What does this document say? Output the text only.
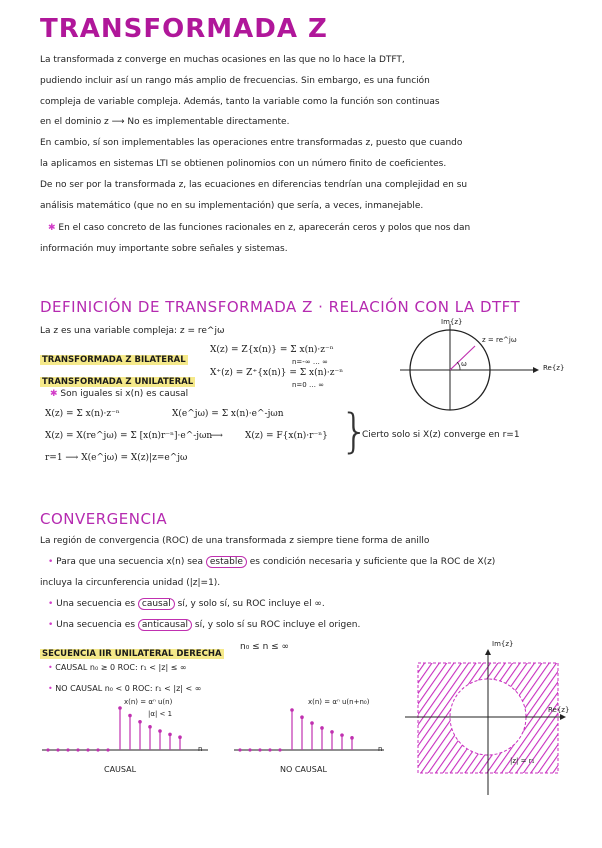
TRANSFORMADA Z
La transformada z converge en muchas ocasiones en las que no lo hace la DTFT,
pudiendo incluir así un rango más amplio de frecuencias. Sin embargo, es una función
compleja de variable compleja. Además, tanto la variable como la función son continuas
en el dominio z ⟶ No es implementable directamente.
En cambio, sí son implementables las operaciones entre transformadas z, puesto que cuando
la aplicamos en sistemas LTI se obtienen polinomios con un número finito de coeficientes.
De no ser por la transformada z, las ecuaciones en diferencias tendrían una complejidad en su
análisis matemático (que no en su implementación) que sería, a veces, inmanejable.
✱ En el caso concreto de las funciones racionales en z, aparecerán ceros y polos que nos dan
información muy importante sobre señales y sistemas.
DEFINICIÓN DE TRANSFORMADA Z · RELACIÓN CON LA DTFT
La z es una variable compleja: z = re^jω
TRANSFORMADA Z BILATERAL
X(z) = Z{x(n)} = Σ x(n)·z⁻ⁿ
n=-∞ … ∞
TRANSFORMADA Z UNILATERAL
X⁺(z) = Z⁺{x(n)} = Σ x(n)·z⁻ⁿ
n=0 … ∞
✱ Son iguales si x(n) es causal
X(z) = Σ x(n)·z⁻ⁿ	X(e^jω) = Σ x(n)·e^-jωn
X(z) = X(re^jω) = Σ [x(n)r⁻ⁿ]·e^-jωn
⟶ X(z) = F{x(n)·r⁻ⁿ}
r=1 ⟶ X(e^jω) = X(z)|z=e^jω	}
Cierto solo si X(z) converge en r=1
Im{z}
Re{z}
z = re^jω
ω
CONVERGENCIA
La región de convergencia (ROC) de una transformada z siempre tiene forma de anillo
• Para que una secuencia x(n) sea estable es condición necesaria y suficiente que la ROC de X(z)
incluya la circunferencia unidad (|z|=1).
• Una secuencia es causal sí, y solo sí, su ROC incluye el ∞.
• Una secuencia es anticausal sí, y solo sí su ROC incluye el origen.
SECUENCIA IIR UNILATERAL DERECHA
n₀ ≤ n ≤ ∞
• CAUSAL n₀ ≥ 0 ROC: r₁ < |z| ≤ ∞
• NO CAUSAL n₀ < 0 ROC: r₁ < |z| < ∞
x(n) = αⁿ u(n)
|α| < 1
n
CAUSAL
x(n) = αⁿ u(n+n₀)
n
NO CAUSAL
Im{z}
Re{z}
|z| = r₁
